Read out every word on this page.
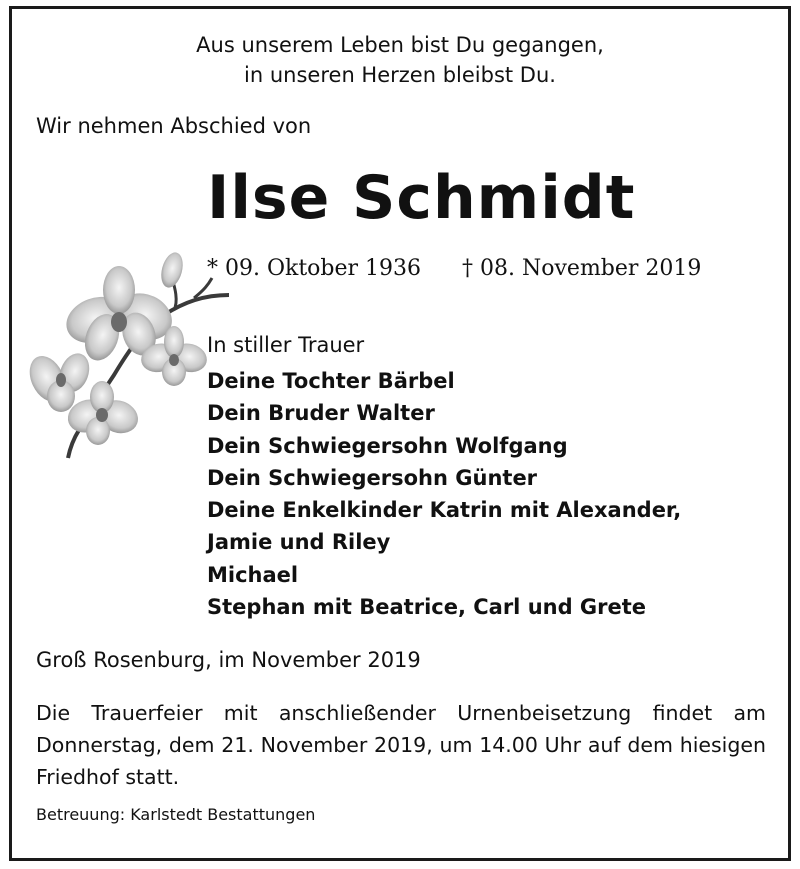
Aus unserem Leben bist Du gegangen,
in unseren Herzen bleibst Du.
Wir nehmen Abschied von
Ilse Schmidt
* 09. Oktober 1936 † 08. November 2019
In stiller Trauer
Deine Tochter Bärbel
Dein Bruder Walter
Dein Schwiegersohn Wolfgang
Dein Schwiegersohn Günter
Deine Enkelkinder Katrin mit Alexander,
Jamie und Riley
Michael
Stephan mit Beatrice, Carl und Grete
Groß Rosenburg, im November 2019
Die Trauerfeier mit anschließender Urnenbeisetzung findet am Donnerstag, dem 21. November 2019, um 14.00 Uhr auf dem hiesigen Friedhof statt.
Betreuung: Karlstedt Bestattungen
